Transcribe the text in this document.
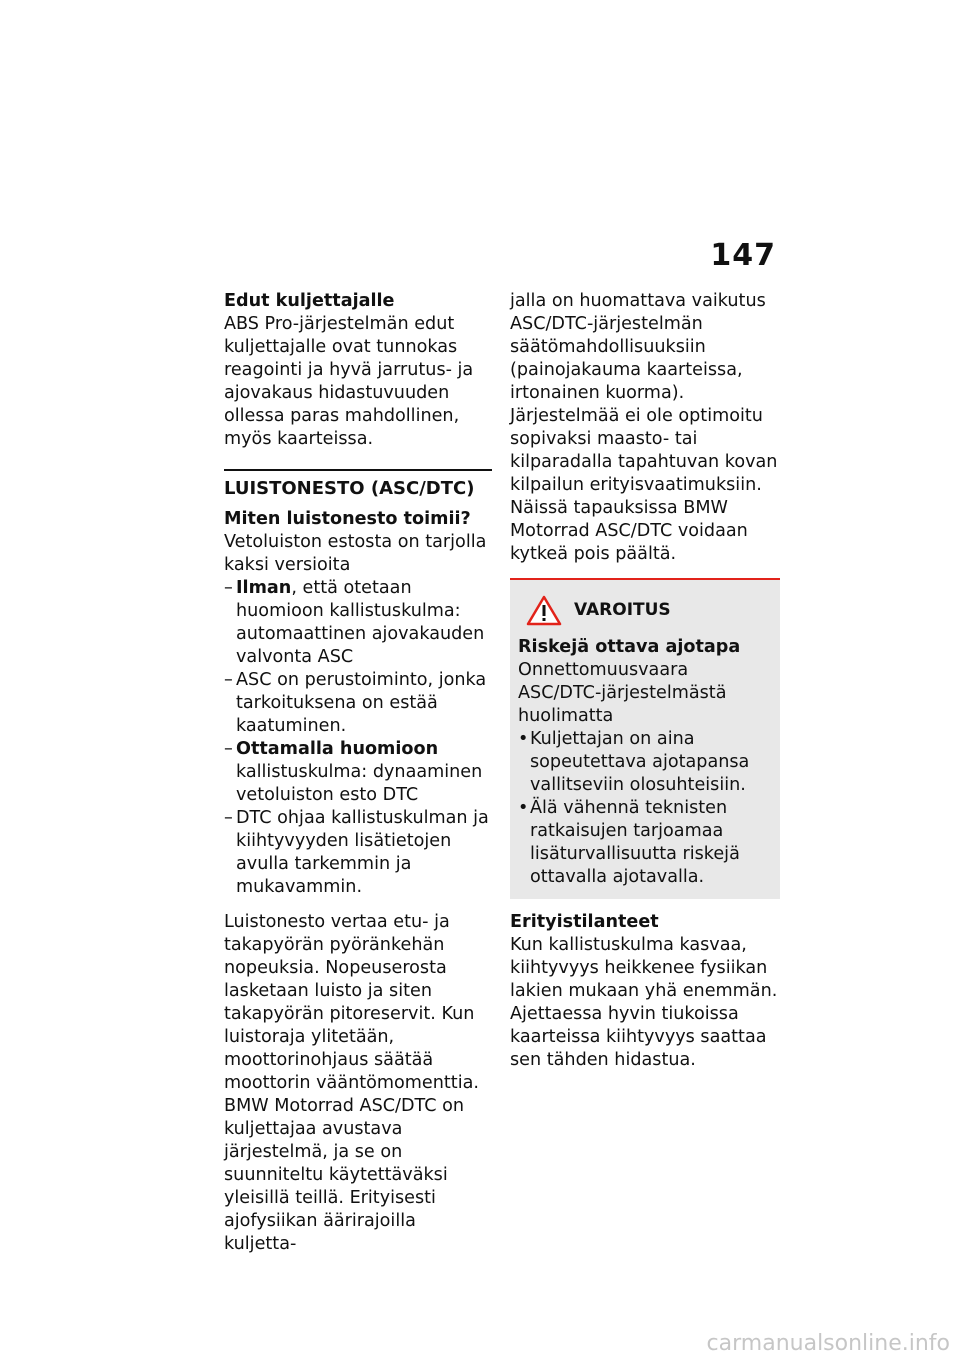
147

Edut kuljettajalle

ABS Pro-järjestelmän edut kuljettajalle ovat tunnokas reagointi ja hyvä jarrutus- ja ajovakaus hidastuvuuden ollessa paras mahdollinen, myös kaarteissa.

LUISTONESTO (ASC/DTC)

Miten luistonesto toimii?

Vetoluiston estosta on tarjolla kaksi versioita

– Ilman, että otetaan huomioon kallistuskulma: automaattinen ajovakauden valvonta ASC
– ASC on perustoiminto, jonka tarkoituksena on estää kaatuminen.
– Ottamalla huomioon kallistuskulma: dynaaminen vetoluiston esto DTC
– DTC ohjaa kallistuskulman ja kiihtyvyyden lisätietojen avulla tarkemmin ja mukavammin.

Luistonesto vertaa etu- ja takapyörän pyöränkehän nopeuksia. Nopeuserosta lasketaan luisto ja siten takapyörän pitoreservit. Kun luistoraja ylitetään, moottorinohjaus säätää moottorin vääntömomenttia.

BMW Motorrad ASC/DTC on kuljettajaa avustava järjestelmä, ja se on suunniteltu käytettäväksi yleisillä teillä. Erityisesti ajofysiikan äärirajoilla kuljetta-

jalla on huomattava vaikutus ASC/DTC-järjestelmän säätömahdollisuuksiin (painojakauma kaarteissa, irtonainen kuorma). Järjestelmää ei ole optimoitu sopivaksi maasto- tai kilparadalla tapahtuvan kovan kilpailun erityisvaatimuksiin. Näissä tapauksissa BMW Motorrad ASC/DTC voidaan kytkeä pois päältä.

VAROITUS

Riskejä ottava ajotapa

Onnettomuusvaara ASC/DTC-järjestelmästä huolimatta

• Kuljettajan on aina sopeutettava ajotapansa vallitseviin olosuhteisiin.
• Älä vähennä teknisten ratkaisujen tarjoamaa lisäturvallisuutta riskejä ottavalla ajotavalla.

Erityistilanteet

Kun kallistuskulma kasvaa, kiihtyvyys heikkenee fysiikan lakien mukaan yhä enemmän. Ajettaessa hyvin tiukoissa kaarteissa kiihtyvyys saattaa sen tähden hidastua.

carmanualsonline.info
